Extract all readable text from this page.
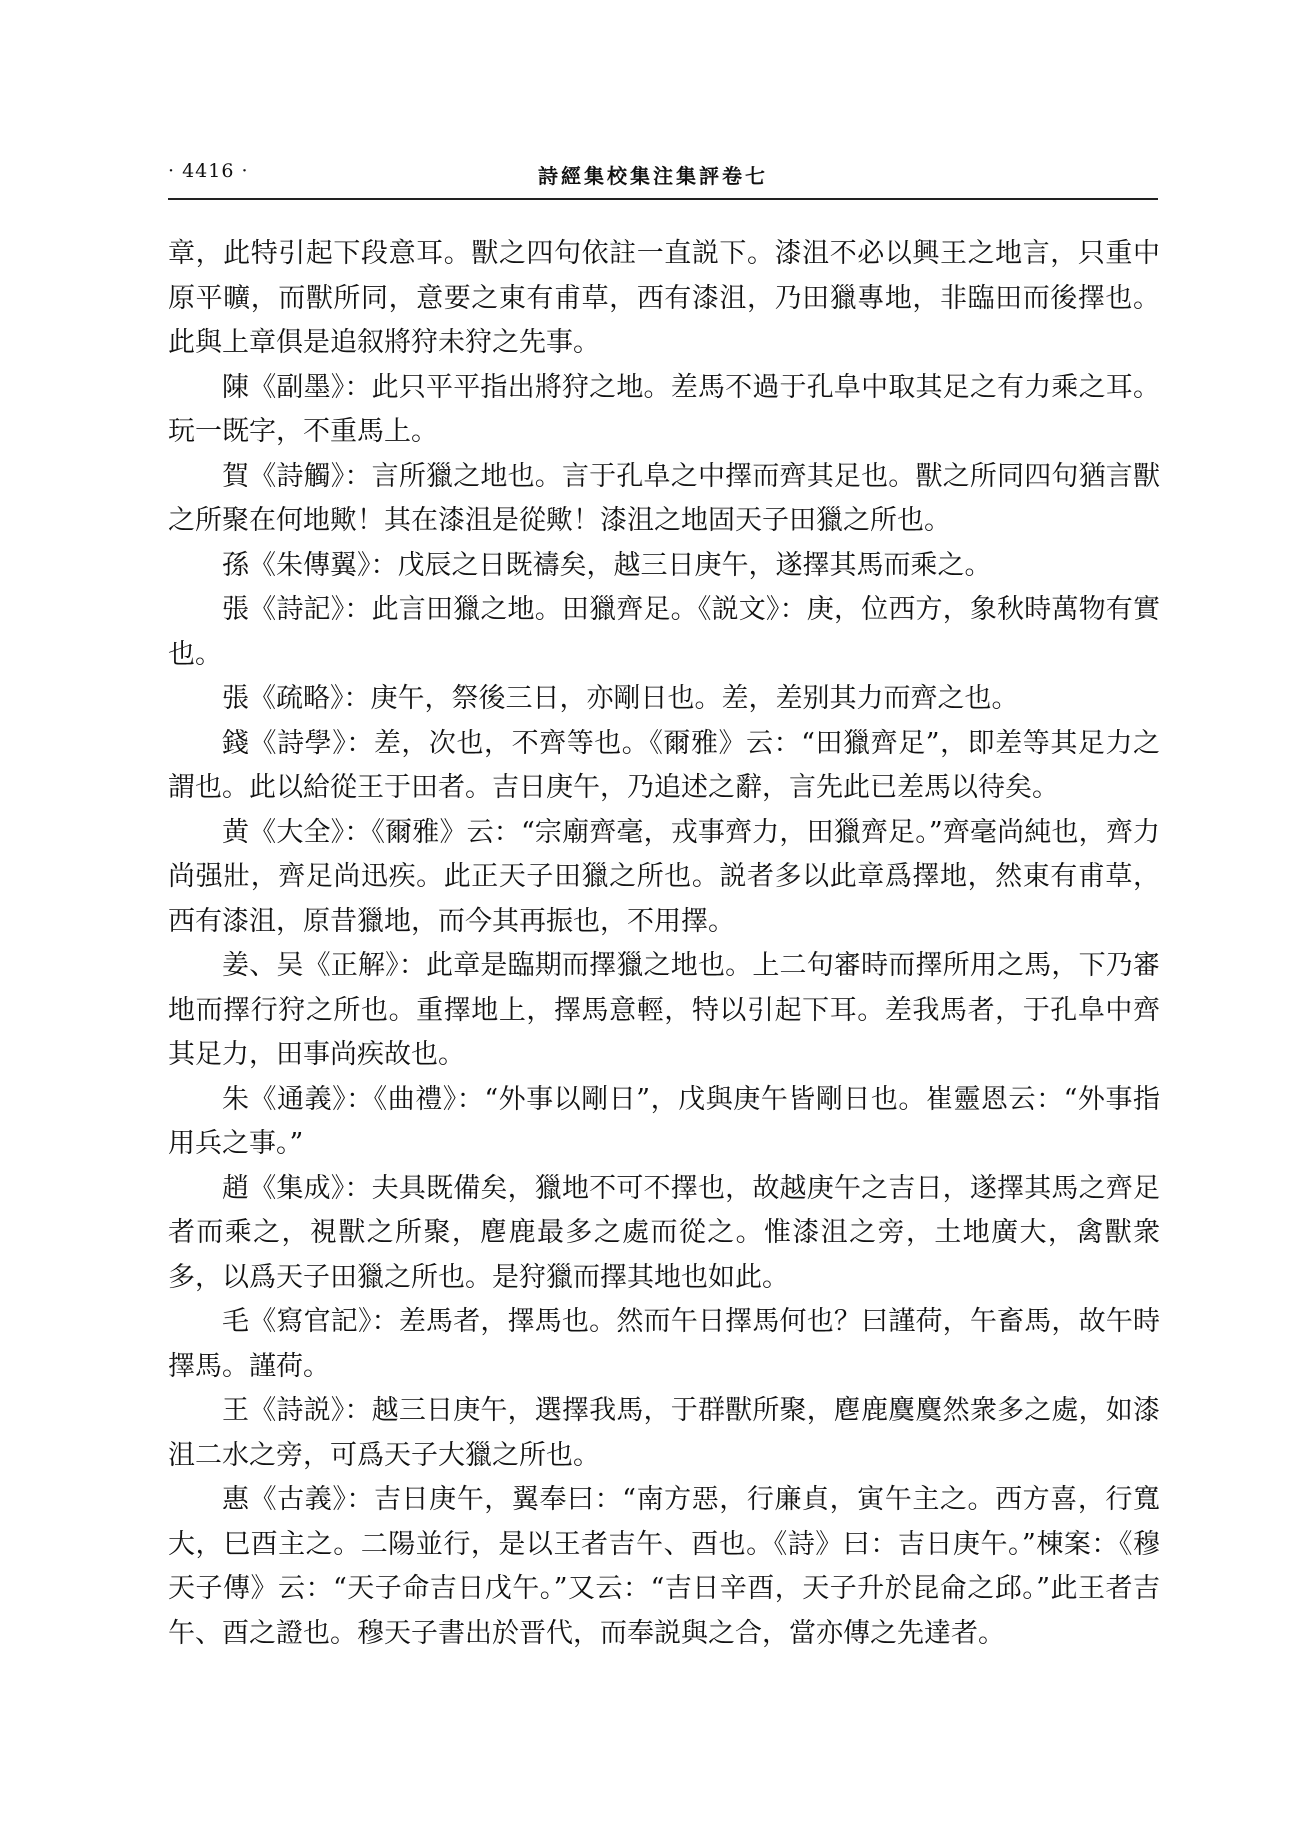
· 4416 ·	詩經集校集注集評卷七

章，此特引起下段意耳。獸之四句依註一直説下。漆沮不必以興王之地言，只重中原平曠，而獸所同，意要之東有甫草，西有漆沮，乃田獵專地，非臨田而後擇也。此與上章俱是追叙將狩未狩之先事。

陳《副墨》：此只平平指出將狩之地。差馬不過于孔阜中取其足之有力乘之耳。玩一既字，不重馬上。

賀《詩觸》：言所獵之地也。言于孔阜之中擇而齊其足也。獸之所同四句猶言獸之所聚在何地歟！其在漆沮是從歟！漆沮之地固天子田獵之所也。

孫《朱傳翼》：戊辰之日既禱矣，越三日庚午，遂擇其馬而乘之。

張《詩記》：此言田獵之地。田獵齊足。《説文》：庚，位西方，象秋時萬物有實也。

張《疏略》：庚午，祭後三日，亦剛日也。差，差别其力而齊之也。

錢《詩學》：差，次也，不齊等也。《爾雅》云：“田獵齊足”，即差等其足力之謂也。此以給從王于田者。吉日庚午，乃追述之辭，言先此已差馬以待矣。

黄《大全》：《爾雅》云：“宗廟齊毫，戎事齊力，田獵齊足。”齊毫尚純也，齊力尚强壯，齊足尚迅疾。此正天子田獵之所也。説者多以此章爲擇地，然東有甫草，西有漆沮，原昔獵地，而今其再振也，不用擇。

姜、吴《正解》：此章是臨期而擇獵之地也。上二句審時而擇所用之馬，下乃審地而擇行狩之所也。重擇地上，擇馬意輕，特以引起下耳。差我馬者，于孔阜中齊其足力，田事尚疾故也。

朱《通義》：《曲禮》：“外事以剛日”，戊與庚午皆剛日也。崔靈恩云：“外事指用兵之事。”

趙《集成》：夫具既備矣，獵地不可不擇也，故越庚午之吉日，遂擇其馬之齊足者而乘之，視獸之所聚，麀鹿最多之處而從之。惟漆沮之旁，土地廣大，禽獸衆多，以爲天子田獵之所也。是狩獵而擇其地也如此。

毛《寫官記》：差馬者，擇馬也。然而午日擇馬何也？曰謹荷，午畜馬，故午時擇馬。謹荷。

王《詩説》：越三日庚午，選擇我馬，于群獸所聚，麀鹿麌麌然衆多之處，如漆沮二水之旁，可爲天子大獵之所也。

惠《古義》：吉日庚午，翼奉曰：“南方惡，行廉貞，寅午主之。西方喜，行寬大，巳酉主之。二陽並行，是以王者吉午、酉也。《詩》曰：吉日庚午。”棟案：《穆天子傳》云：“天子命吉日戊午。”又云：“吉日辛酉，天子升於昆侖之邱。”此王者吉午、酉之證也。穆天子書出於晋代，而奉説與之合，當亦傳之先達者。
